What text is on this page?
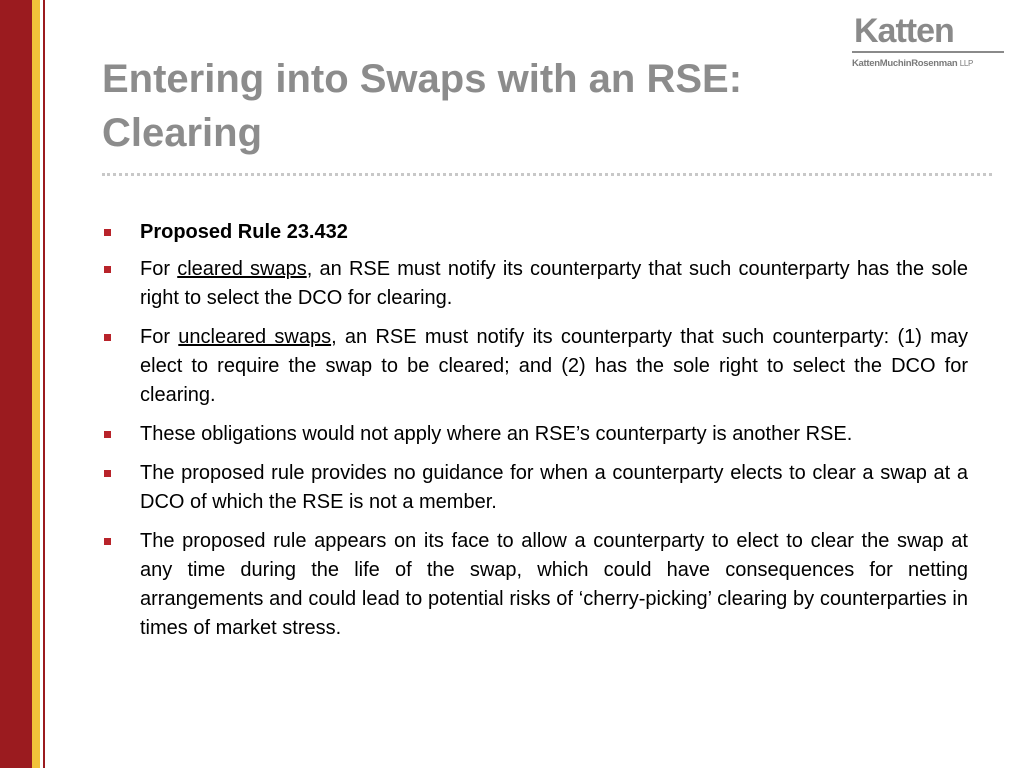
Katten
KattenMuchinRosenman LLP
Entering into Swaps with an RSE:
Clearing
Proposed Rule 23.432
For cleared swaps, an RSE must notify its counterparty that such counterparty has the sole right to select the DCO for clearing.
For uncleared swaps, an RSE must notify its counterparty that such counterparty: (1) may elect to require the swap to be cleared; and (2) has the sole right to select the DCO for clearing.
These obligations would not apply where an RSE’s counterparty is another RSE.
The proposed rule provides no guidance for when a counterparty elects to clear a swap at a DCO of which the RSE is not a member.
The proposed rule appears on its face to allow a counterparty to elect to clear the swap at any time during the life of the swap, which could have consequences for netting arrangements and could lead to potential risks of ‘cherry-picking’ clearing by counterparties in times of market stress.
